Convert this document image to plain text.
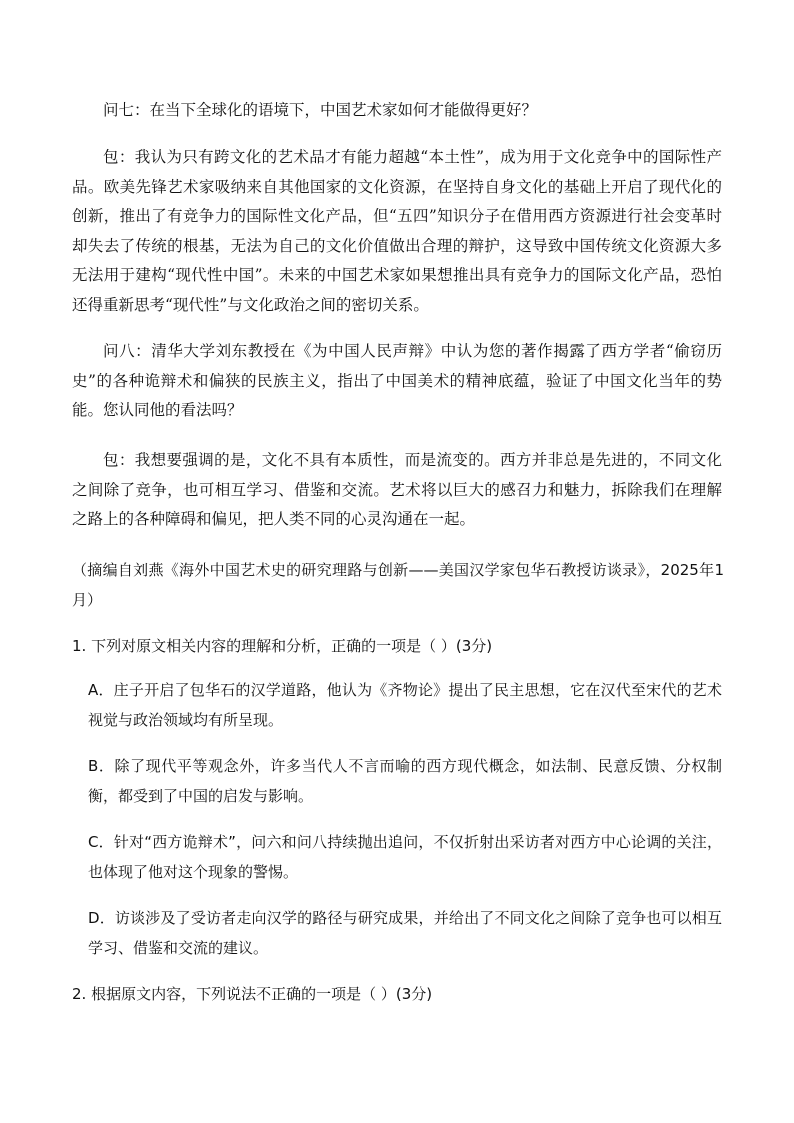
问七：在当下全球化的语境下，中国艺术家如何才能做得更好？

包：我认为只有跨文化的艺术品才有能力超越“本土性”，成为用于文化竞争中的国际性产品。欧美先锋艺术家吸纳来自其他国家的文化资源，在坚持自身文化的基础上开启了现代化的创新，推出了有竞争力的国际性文化产品，但“五四”知识分子在借用西方资源进行社会变革时却失去了传统的根基，无法为自己的文化价值做出合理的辩护，这导致中国传统文化资源大多无法用于建构“现代性中国”。未来的中国艺术家如果想推出具有竞争力的国际文化产品，恐怕还得重新思考“现代性”与文化政治之间的密切关系。

问八：清华大学刘东教授在《为中国人民声辩》中认为您的著作揭露了西方学者“偷窃历史”的各种诡辩术和偏狭的民族主义，指出了中国美术的精神底蕴，验证了中国文化当年的势能。您认同他的看法吗？

包：我想要强调的是，文化不具有本质性，而是流变的。西方并非总是先进的，不同文化之间除了竞争，也可相互学习、借鉴和交流。艺术将以巨大的感召力和魅力，拆除我们在理解之路上的各种障碍和偏见，把人类不同的心灵沟通在一起。

（摘编自刘燕《海外中国艺术史的研究理路与创新——美国汉学家包华石教授访谈录》，2025年1月）

1. 下列对原文相关内容的理解和分析，正确的一项是（ ）(3分)

A．庄子开启了包华石的汉学道路，他认为《齐物论》提出了民主思想，它在汉代至宋代的艺术视觉与政治领域均有所呈现。

B．除了现代平等观念外，许多当代人不言而喻的西方现代概念，如法制、民意反馈、分权制衡，都受到了中国的启发与影响。

C．针对“西方诡辩术”，问六和问八持续抛出追问，不仅折射出采访者对西方中心论调的关注，也体现了他对这个现象的警惕。

D．访谈涉及了受访者走向汉学的路径与研究成果，并给出了不同文化之间除了竞争也可以相互学习、借鉴和交流的建议。

2. 根据原文内容，下列说法不正确的一项是（ ）(3分)
